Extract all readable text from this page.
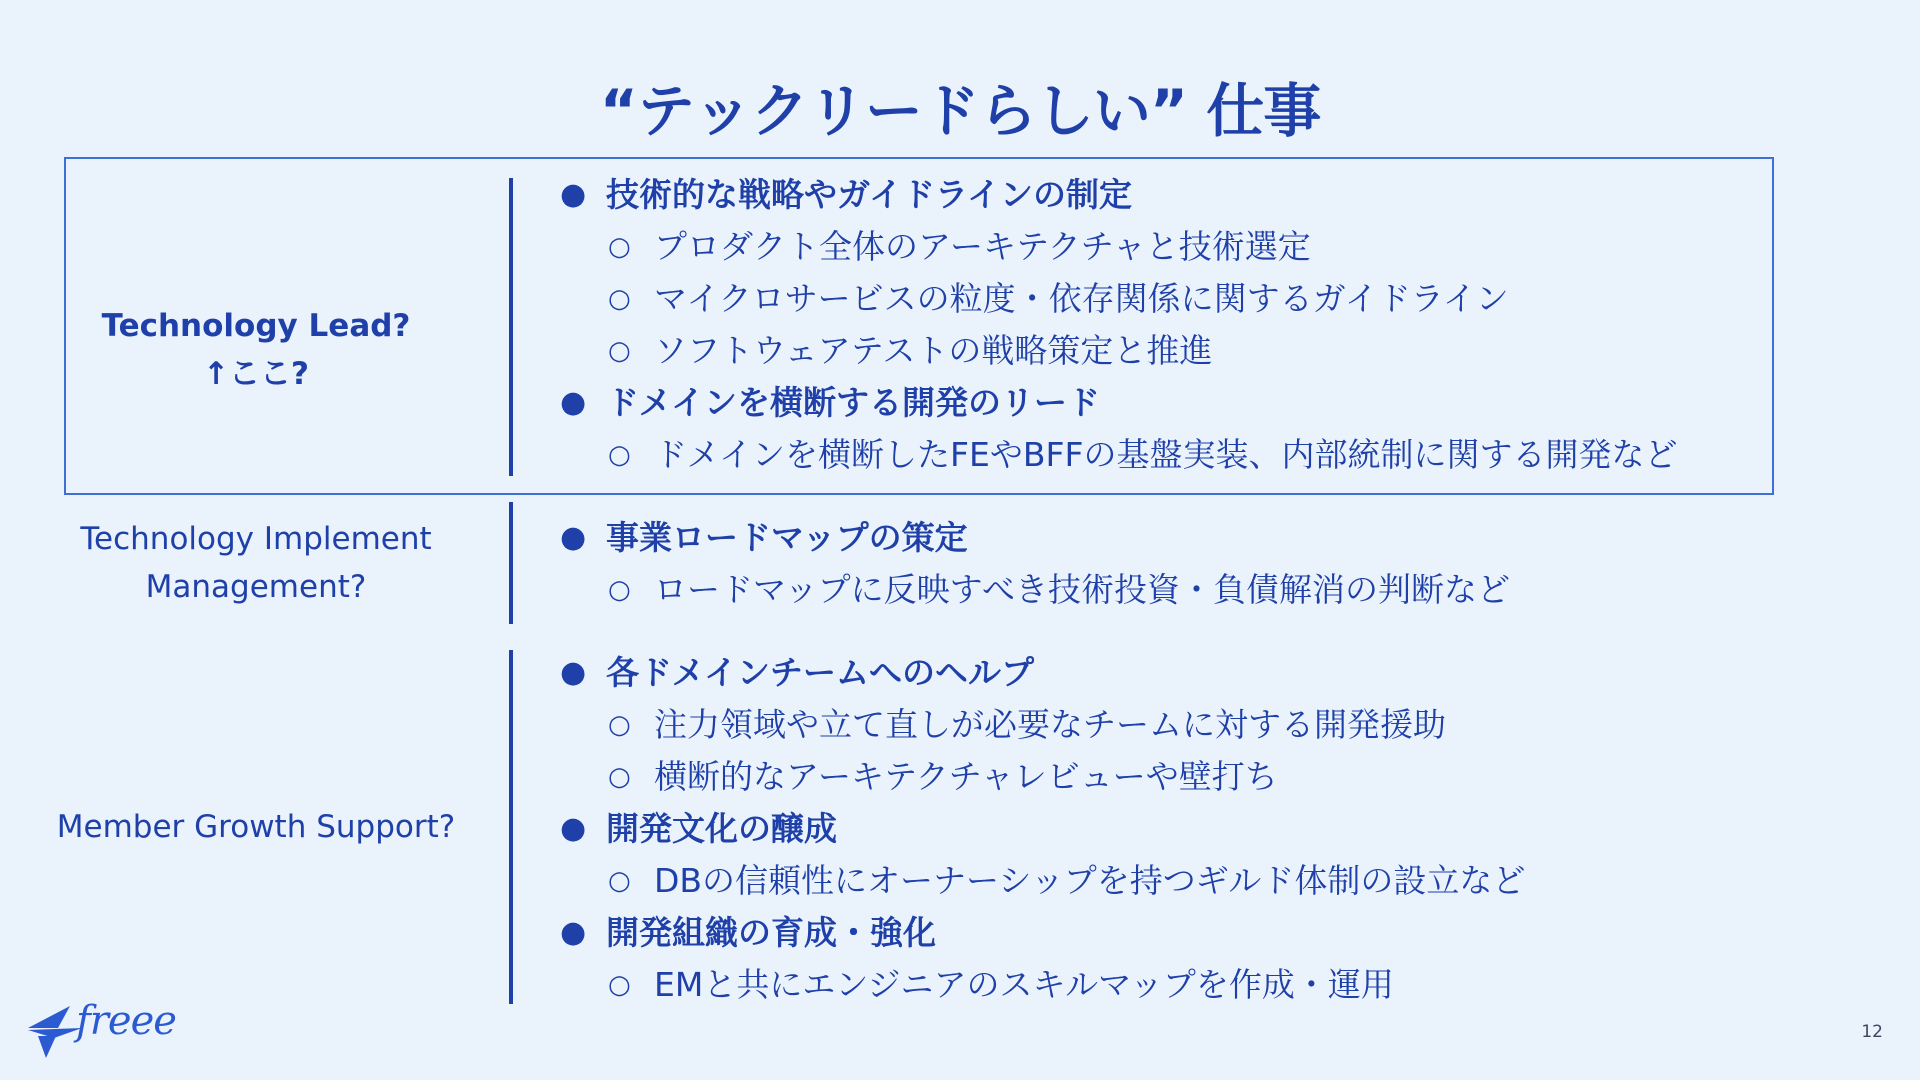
“テックリードらしい” 仕事
Technology Lead?
↑ここ?
● 技術的な戦略やガイドラインの制定
○ プロダクト全体のアーキテクチャと技術選定
○ マイクロサービスの粒度・依存関係に関するガイドライン
○ ソフトウェアテストの戦略策定と推進
● ドメインを横断する開発のリード
○ ドメインを横断したFEやBFFの基盤実装、内部統制に関する開発など
Technology Implement
Management?
● 事業ロードマップの策定
○ ロードマップに反映すべき技術投資・負債解消の判断など
Member Growth Support?
● 各ドメインチームへのヘルプ
○ 注力領域や立て直しが必要なチームに対する開発援助
○ 横断的なアーキテクチャレビューや壁打ち
● 開発文化の醸成
○ DBの信頼性にオーナーシップを持つギルド体制の設立など
● 開発組織の育成・強化
○ EMと共にエンジニアのスキルマップを作成・運用
freee	12
